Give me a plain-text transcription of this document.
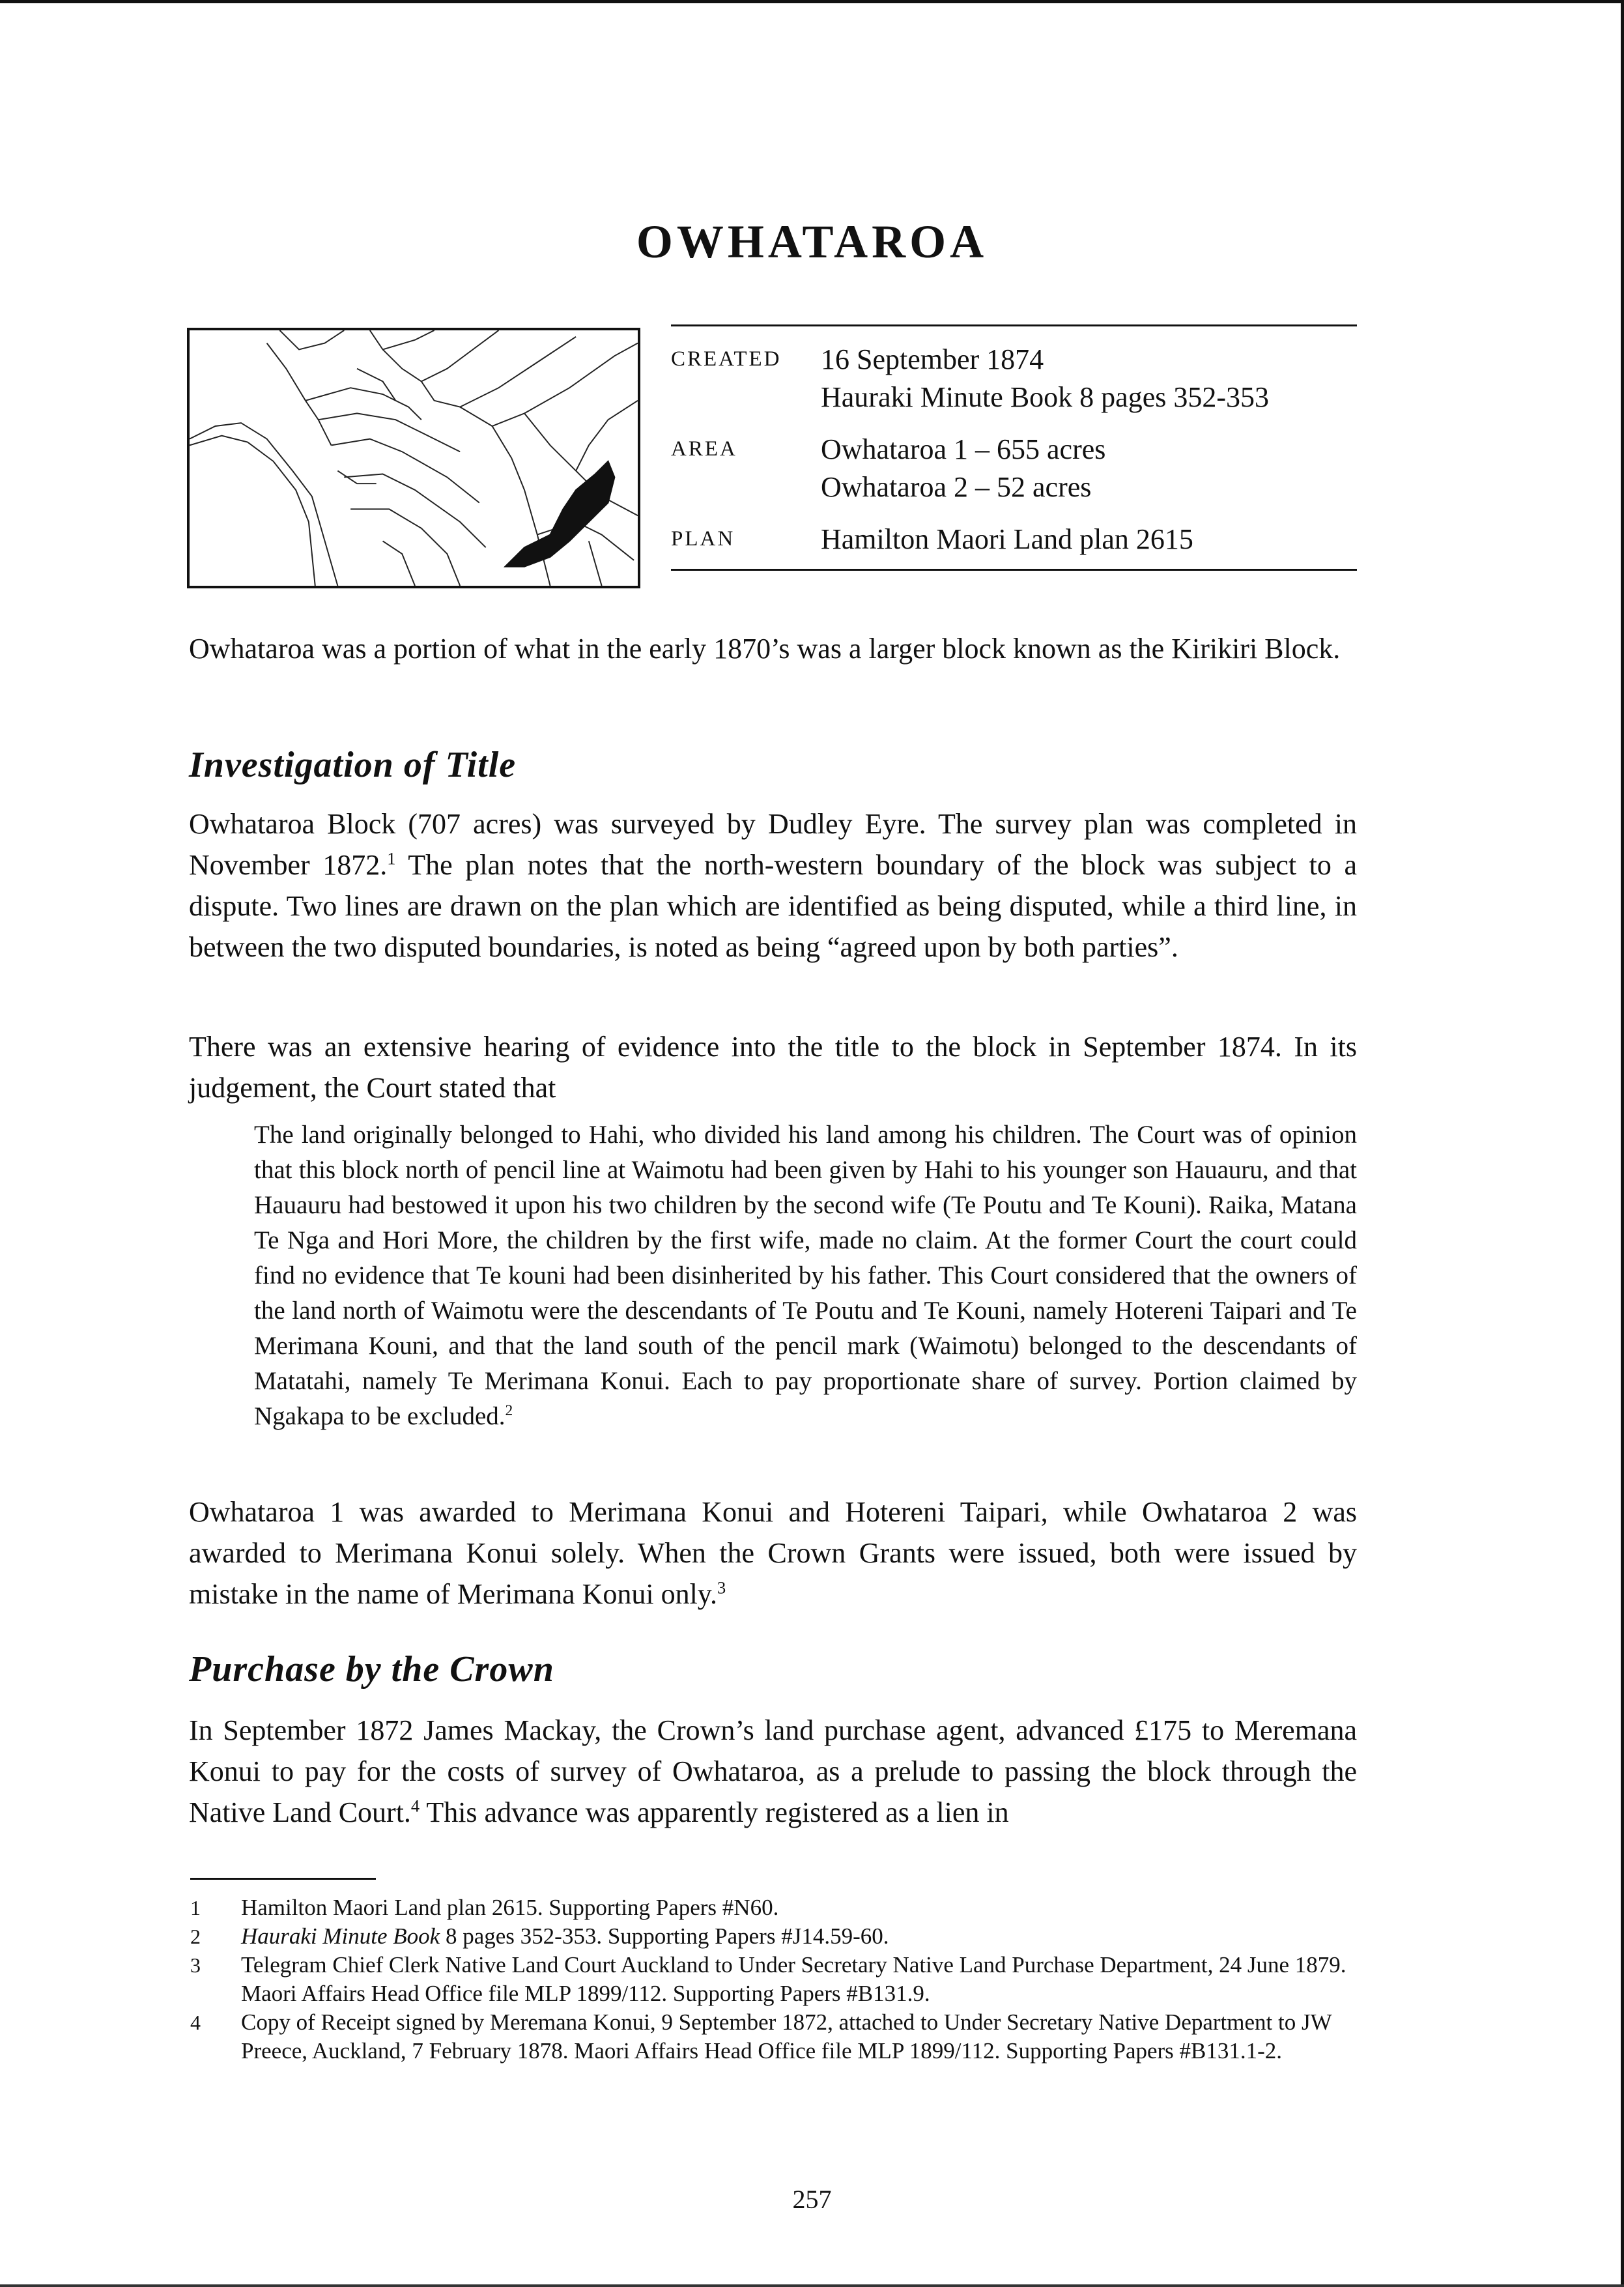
OWHATAROA
CREATED	16 September 1874
Hauraki Minute Book 8 pages 352-353
AREA	Owhataroa 1 – 655 acres
Owhataroa 2 – 52 acres
PLAN	Hamilton Maori Land plan 2615

Owhataroa was a portion of what in the early 1870’s was a larger block known as the Kirikiri Block.

Investigation of Title

Owhataroa Block (707 acres) was surveyed by Dudley Eyre. The survey plan was completed in November 1872.$^1$ The plan notes that the north-western boundary of the block was subject to a dispute. Two lines are drawn on the plan which are identified as being disputed, while a third line, in between the two disputed boundaries, is noted as being “agreed upon by both parties”.

There was an extensive hearing of evidence into the title to the block in September 1874. In its judgement, the Court stated that

The land originally belonged to Hahi, who divided his land among his children. The Court was of opinion that this block north of pencil line at Waimotu had been given by Hahi to his younger son Hauauru, and that Hauauru had bestowed it upon his two children by the second wife (Te Poutu and Te Kouni). Raika, Matana Te Nga and Hori More, the children by the first wife, made no claim. At the former Court the court could find no evidence that Te kouni had been disinherited by his father. This Court considered that the owners of the land north of Waimotu were the descendants of Te Poutu and Te Kouni, namely Hotereni Taipari and Te Merimana Kouni, and that the land south of the pencil mark (Waimotu) belonged to the descendants of Matatahi, namely Te Merimana Konui. Each to pay proportionate share of survey. Portion claimed by Ngakapa to be excluded.$^2$

Owhataroa 1 was awarded to Merimana Konui and Hotereni Taipari, while Owhataroa 2 was awarded to Merimana Konui solely. When the Crown Grants were issued, both were issued by mistake in the name of Merimana Konui only.$^3$

Purchase by the Crown

In September 1872 James Mackay, the Crown’s land purchase agent, advanced £175 to Meremana Konui to pay for the costs of survey of Owhataroa, as a prelude to passing the block through the Native Land Court.$^4$ This advance was apparently registered as a lien in

1	Hamilton Maori Land plan 2615. Supporting Papers #N60.
2	Hauraki Minute Book 8 pages 352-353. Supporting Papers #J14.59-60.
3	Telegram Chief Clerk Native Land Court Auckland to Under Secretary Native Land Purchase Department, 24 June 1879. Maori Affairs Head Office file MLP 1899/112. Supporting Papers #B131.9.
4	Copy of Receipt signed by Meremana Konui, 9 September 1872, attached to Under Secretary Native Department to JW Preece, Auckland, 7 February 1878. Maori Affairs Head Office file MLP 1899/112. Supporting Papers #B131.1-2.

257
